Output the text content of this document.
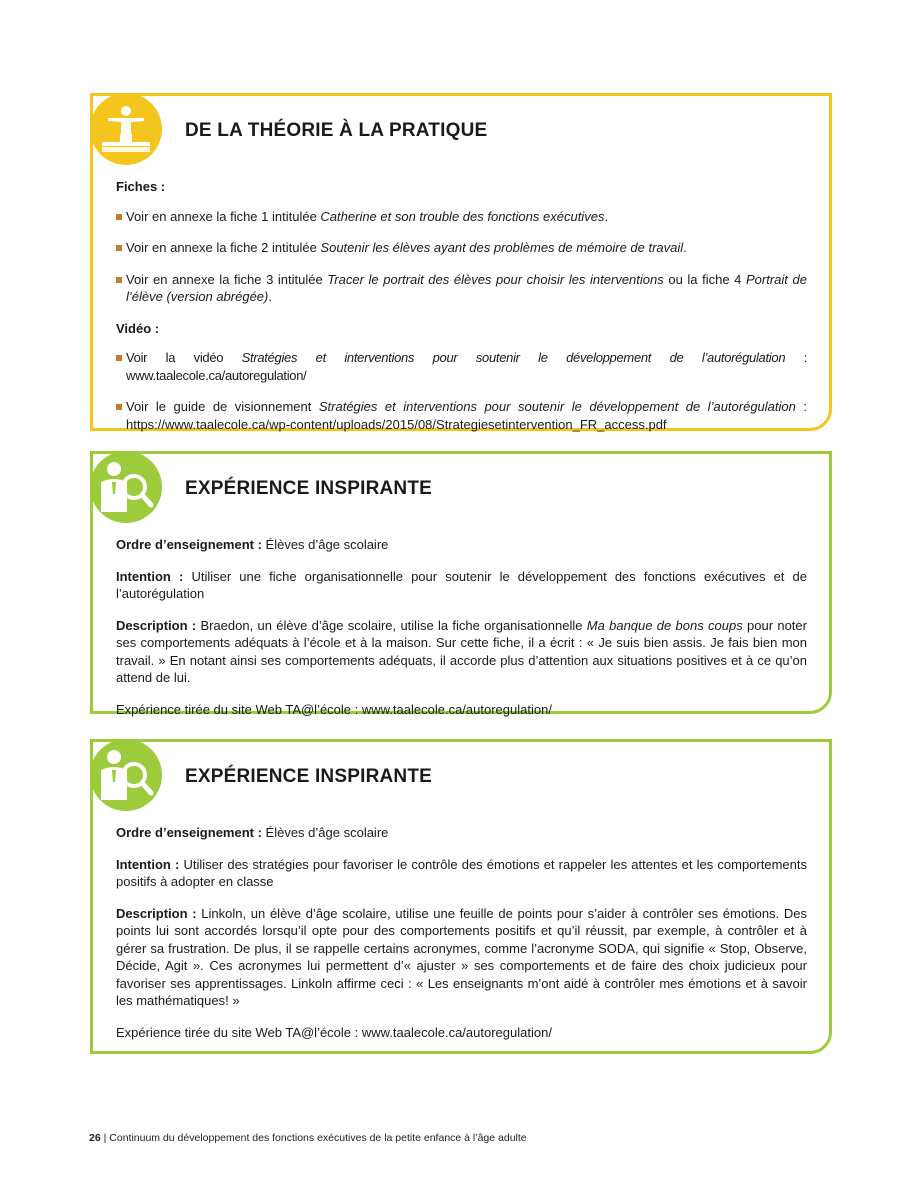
DE LA THÉORIE À LA PRATIQUE
Fiches :
Voir en annexe la fiche 1 intitulée Catherine et son trouble des fonctions exécutives.
Voir en annexe la fiche 2 intitulée Soutenir les élèves ayant des problèmes de mémoire de travail.
Voir en annexe la fiche 3 intitulée Tracer le portrait des élèves pour choisir les interventions ou la fiche 4 Portrait de l’élève (version abrégée).
Vidéo :
Voir la vidéo Stratégies et interventions pour soutenir le développement de l’autorégulation : www.taalecole.ca/autoregulation/
Voir le guide de visionnement Stratégies et interventions pour soutenir le développement de l’autorégulation : https://www.taalecole.ca/wp-content/uploads/2015/08/Strategiesetintervention_FR_access.pdf
EXPÉRIENCE INSPIRANTE
Ordre d’enseignement : Élèves d’âge scolaire
Intention : Utiliser une fiche organisationnelle pour soutenir le développement des fonctions exécutives et de l’autorégulation
Description : Braedon, un élève d’âge scolaire, utilise la fiche organisationnelle Ma banque de bons coups pour noter ses comportements adéquats à l’école et à la maison. Sur cette fiche, il a écrit : « Je suis bien assis. Je fais bien mon travail. » En notant ainsi ses comportements adéquats, il accorde plus d’attention aux situations positives et à ce qu’on attend de lui.
Expérience tirée du site Web TA@l’école : www.taalecole.ca/autoregulation/
EXPÉRIENCE INSPIRANTE
Ordre d’enseignement : Élèves d’âge scolaire
Intention : Utiliser des stratégies pour favoriser le contrôle des émotions et rappeler les attentes et les comportements positifs à adopter en classe
Description : Linkoln, un élève d’âge scolaire, utilise une feuille de points pour s’aider à contrôler ses émotions. Des points lui sont accordés lorsqu’il opte pour des comportements positifs et qu’il réussit, par exemple, à contrôler et à gérer sa frustration. De plus, il se rappelle certains acronymes, comme l’acronyme SODA, qui signifie « Stop, Observe, Décide, Agit ». Ces acronymes lui permettent d’« ajuster » ses comportements et de faire des choix judicieux pour favoriser ses apprentissages. Linkoln affirme ceci : « Les enseignants m’ont aidé à contrôler mes émotions et à savoir les mathématiques! »
Expérience tirée du site Web TA@l’école : www.taalecole.ca/autoregulation/
26 | Continuum du développement des fonctions exécutives de la petite enfance à l’âge adulte
